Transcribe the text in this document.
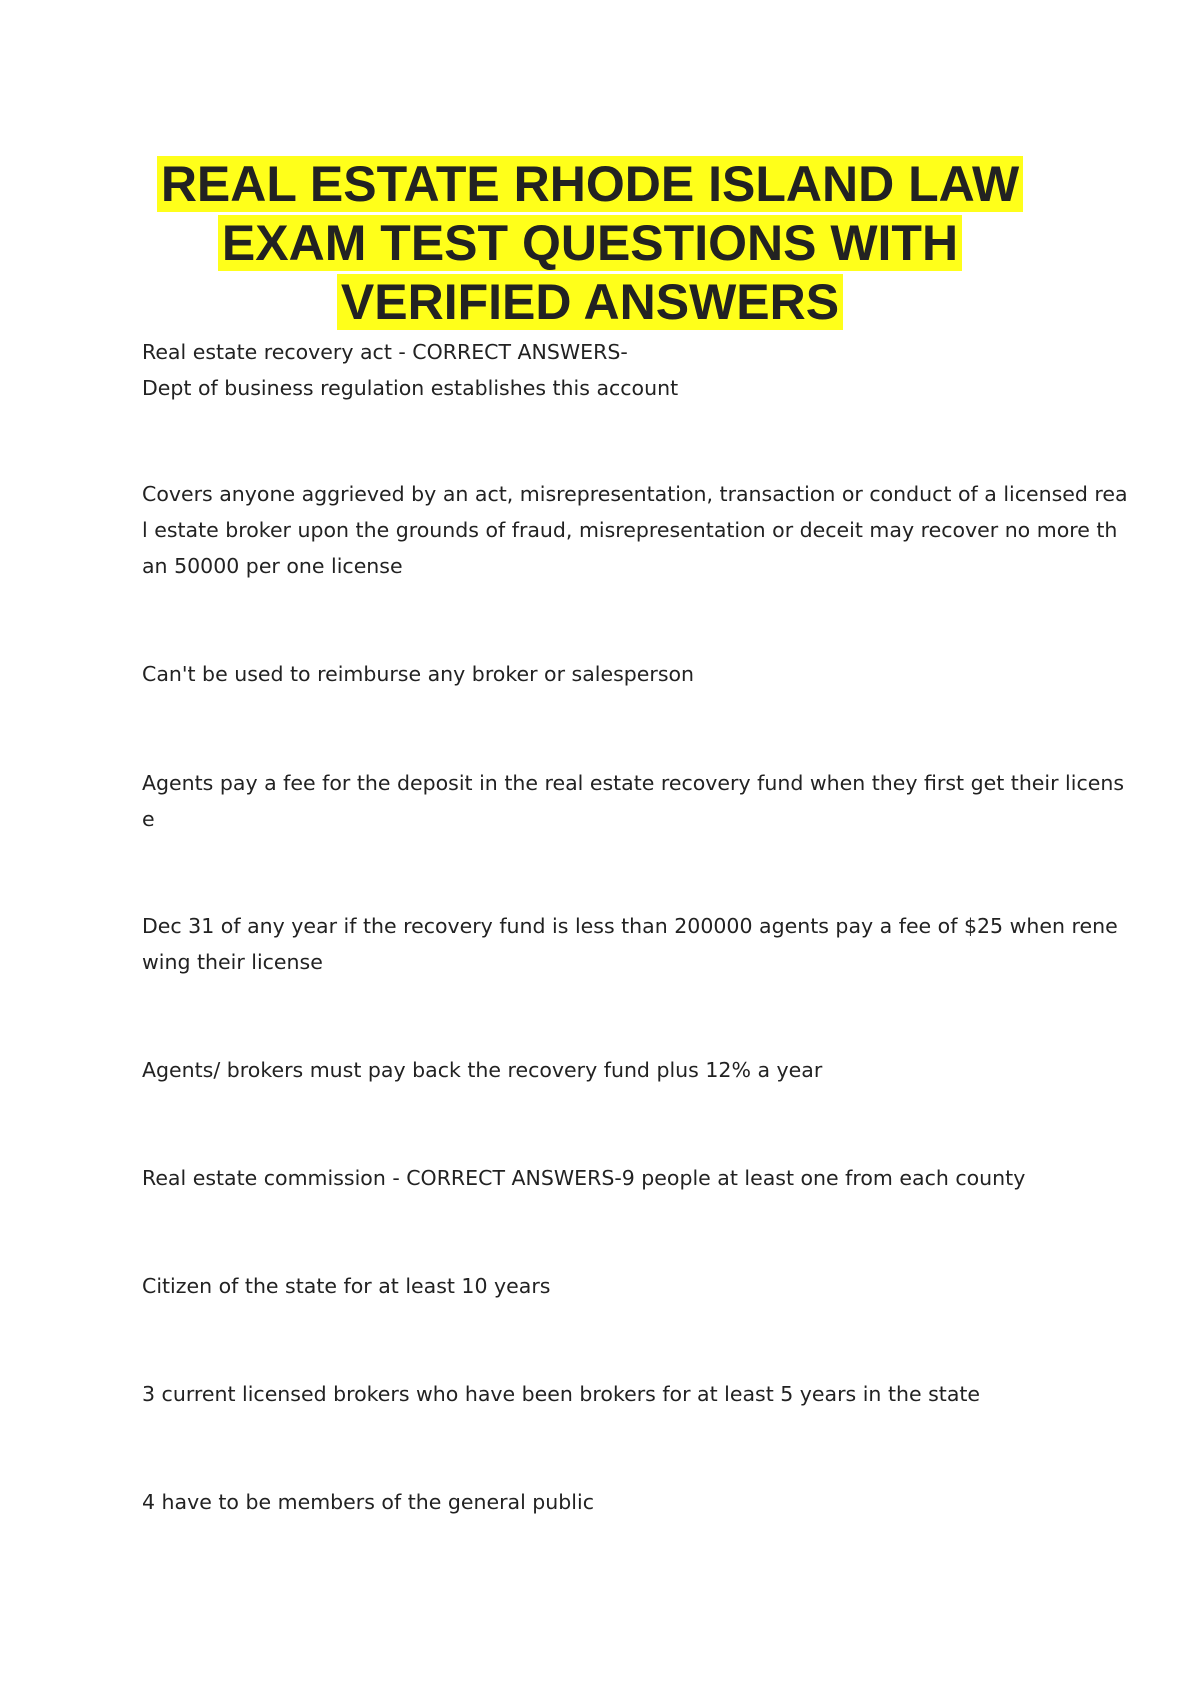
REAL ESTATE RHODE ISLAND LAW
EXAM TEST QUESTIONS WITH
VERIFIED ANSWERS
Real estate recovery act - CORRECT ANSWERS-
Dept of business regulation establishes this account
Covers anyone aggrieved by an act, misrepresentation, transaction or conduct of a licensed rea
l estate broker upon the grounds of fraud, misrepresentation or deceit may recover no more th
an 50000 per one license
Can't be used to reimburse any broker or salesperson
Agents pay a fee for the deposit in the real estate recovery fund when they first get their licens
e
Dec 31 of any year if the recovery fund is less than 200000 agents pay a fee of $25 when rene
wing their license
Agents/ brokers must pay back the recovery fund plus 12% a year
Real estate commission - CORRECT ANSWERS-9 people at least one from each county
Citizen of the state for at least 10 years
3 current licensed brokers who have been brokers for at least 5 years in the state
4 have to be members of the general public
